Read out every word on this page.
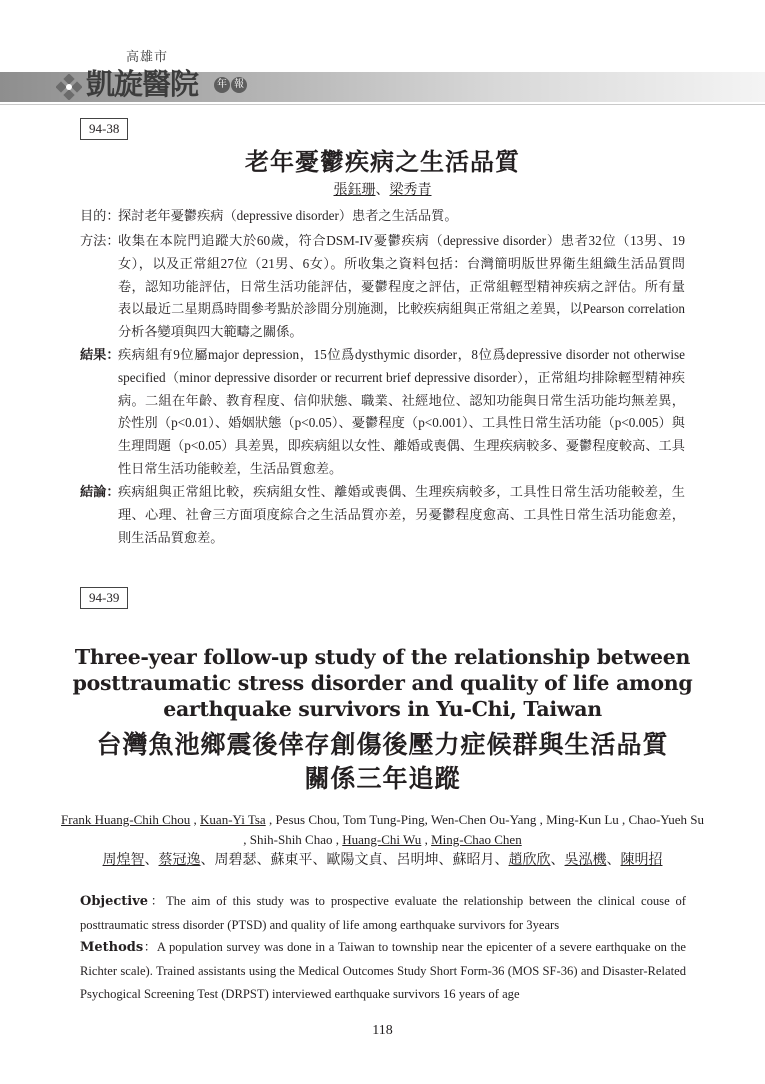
高雄市
凱旋醫院	年 報
94-38
老年憂鬱疾病之生活品質
張鈺珊、梁秀青
目的：
探討老年憂鬱疾病（depressive disorder）患者之生活品質。
方法：
收集在本院門追蹤大於60歲，符合DSM-IV憂鬱疾病（depressive disorder）患者32位（13男、19女），以及正常組27位（21男、6女）。所收集之資料包括：台灣簡明版世界衛生組織生活品質問卷，認知功能評估，日常生活功能評估，憂鬱程度之評估，正常組輕型精神疾病之評估。所有量表以最近二星期爲時間參考點於診間分別施測，比較疾病組與正常組之差異，以Pearson correlation 分析各變項與四大範疇之關係。
結果：
疾病組有9位屬major depression，15位爲dysthymic disorder，8位爲depressive disorder not otherwise specified（minor depressive disorder or recurrent brief depressive disorder），正常組均排除輕型精神疾病。二組在年齡、教育程度、信仰狀態、職業、社經地位、認知功能與日常生活功能均無差異，於性別（p<0.01）、婚姻狀態（p<0.05）、憂鬱程度（p<0.001）、工具性日常生活功能（p<0.005）與生理問題（p<0.05）具差異，即疾病組以女性、離婚或喪偶、生理疾病較多、憂鬱程度較高、工具性日常生活功能較差，生活品質愈差。
結論：
疾病組與正常組比較，疾病組女性、離婚或喪偶、生理疾病較多，工具性日常生活功能較差，生理、心理、社會三方面項度綜合之生活品質亦差，另憂鬱程度愈高、工具性日常生活功能愈差，則生活品質愈差。
94-39
Three-year follow-up study of the relationship between
posttraumatic stress disorder and quality of life among
earthquake survivors in Yu-Chi, Taiwan
台灣魚池鄉震後倖存創傷後壓力症候群與生活品質
關係三年追蹤
Frank Huang-Chih Chou , Kuan-Yi Tsa , Pesus Chou, Tom Tung-Ping, Wen-Chen Ou-Yang , Ming-Kun Lu , Chao-Yueh Su , Shih-Shih Chao , Huang-Chi Wu , Ming-Chao Chen
周煌智、蔡冠逸、周碧瑟、蘇東平、歐陽文貞、呂明坤、蘇昭月、趙欣欣、吳泓機、陳明招
Objective：The aim of this study was to prospective evaluate the relationship between the clinical couse of posttraumatic stress disorder (PTSD) and quality of life among earthquake survivors for 3years
Methods：A population survey was done in a Taiwan to township near the epicenter of a severe earthquake on the Richter scale). Trained assistants using the Medical Outcomes Study Short Form-36 (MOS SF-36) and Disaster-Related Psychogical Screening Test (DRPST) interviewed earthquake survivors 16 years of age
118
